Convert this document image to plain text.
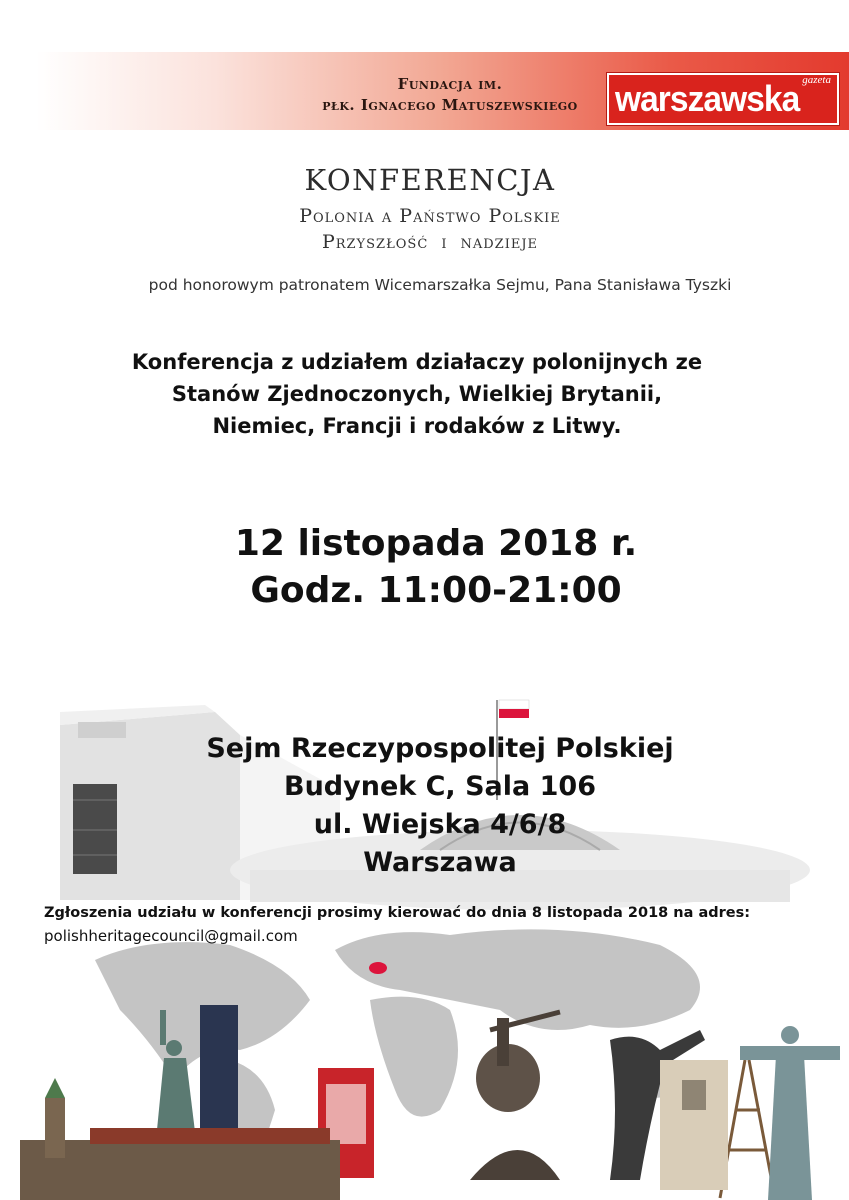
Fundacja im.
płk. Ignacego Matuszewskiego	warszawska gazeta
KONFERENCJA
Polonia a Państwo Polskie
Przyszłość i nadzieje
pod honorowym patronatem Wicemarszałka Sejmu, Pana Stanisława Tyszki
Konferencja z udziałem działaczy polonijnych ze
Stanów Zjednoczonych, Wielkiej Brytanii,
Niemiec, Francji i rodaków z Litwy.
12 listopada 2018 r.
Godz. 11:00-21:00
Sejm Rzeczypospolitej Polskiej
Budynek C, Sala 106
ul. Wiejska 4/6/8
Warszawa
Zgłoszenia udziału w konferencji prosimy kierować do dnia 8 listopada 2018 na adres:
polishheritagecouncil@gmail.com
